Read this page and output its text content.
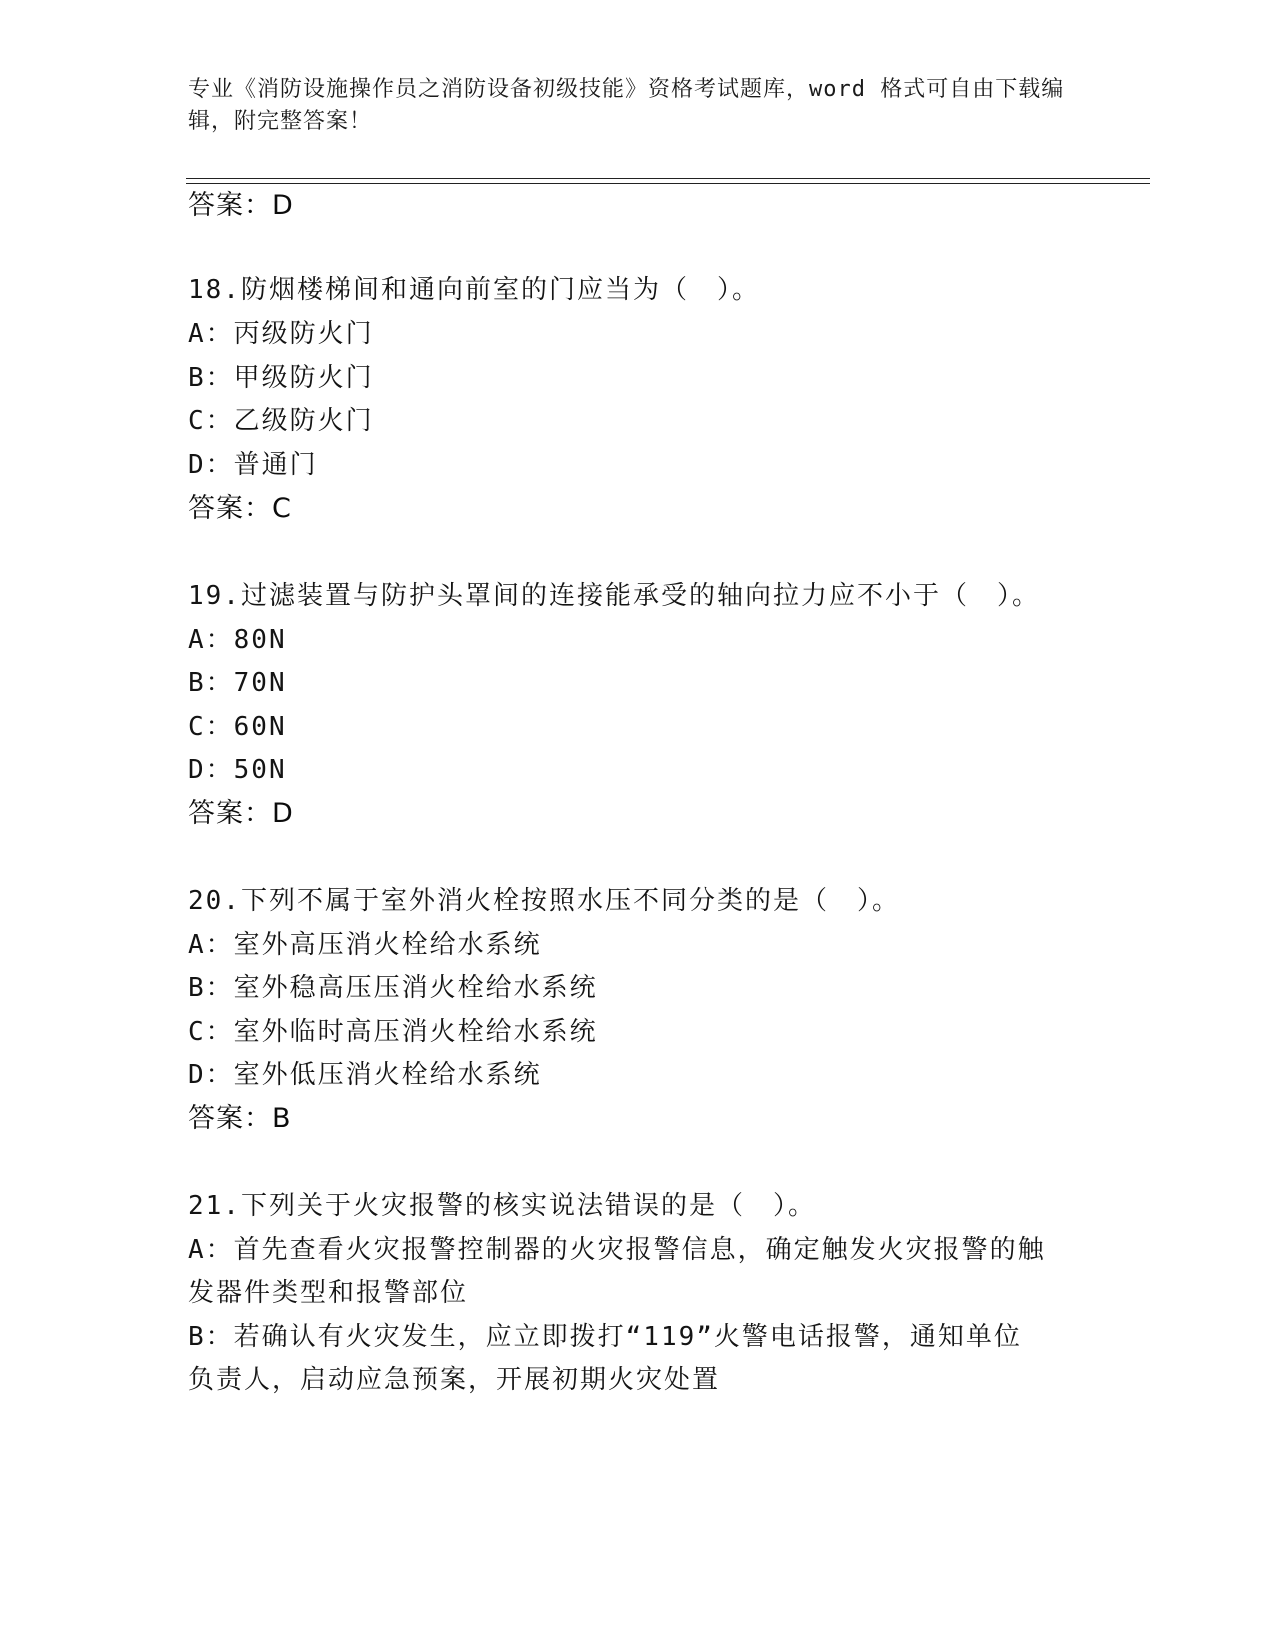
专业《消防设施操作员之消防设备初级技能》资格考试题库，word 格式可自由下载编辑，附完整答案！
答案：D
18.防烟楼梯间和通向前室的门应当为（　）。
A：丙级防火门
B：甲级防火门
C：乙级防火门
D：普通门
答案：C
19.过滤装置与防护头罩间的连接能承受的轴向拉力应不小于（　）。
A：80N
B：70N
C：60N
D：50N
答案：D
20.下列不属于室外消火栓按照水压不同分类的是（　）。
A：室外高压消火栓给水系统
B：室外稳高压压消火栓给水系统
C：室外临时高压消火栓给水系统
D：室外低压消火栓给水系统
答案：B
21.下列关于火灾报警的核实说法错误的是（　）。
A：首先查看火灾报警控制器的火灾报警信息，确定触发火灾报警的触
发器件类型和报警部位
B：若确认有火灾发生，应立即拨打“119”火警电话报警，通知单位
负责人，启动应急预案，开展初期火灾处置
